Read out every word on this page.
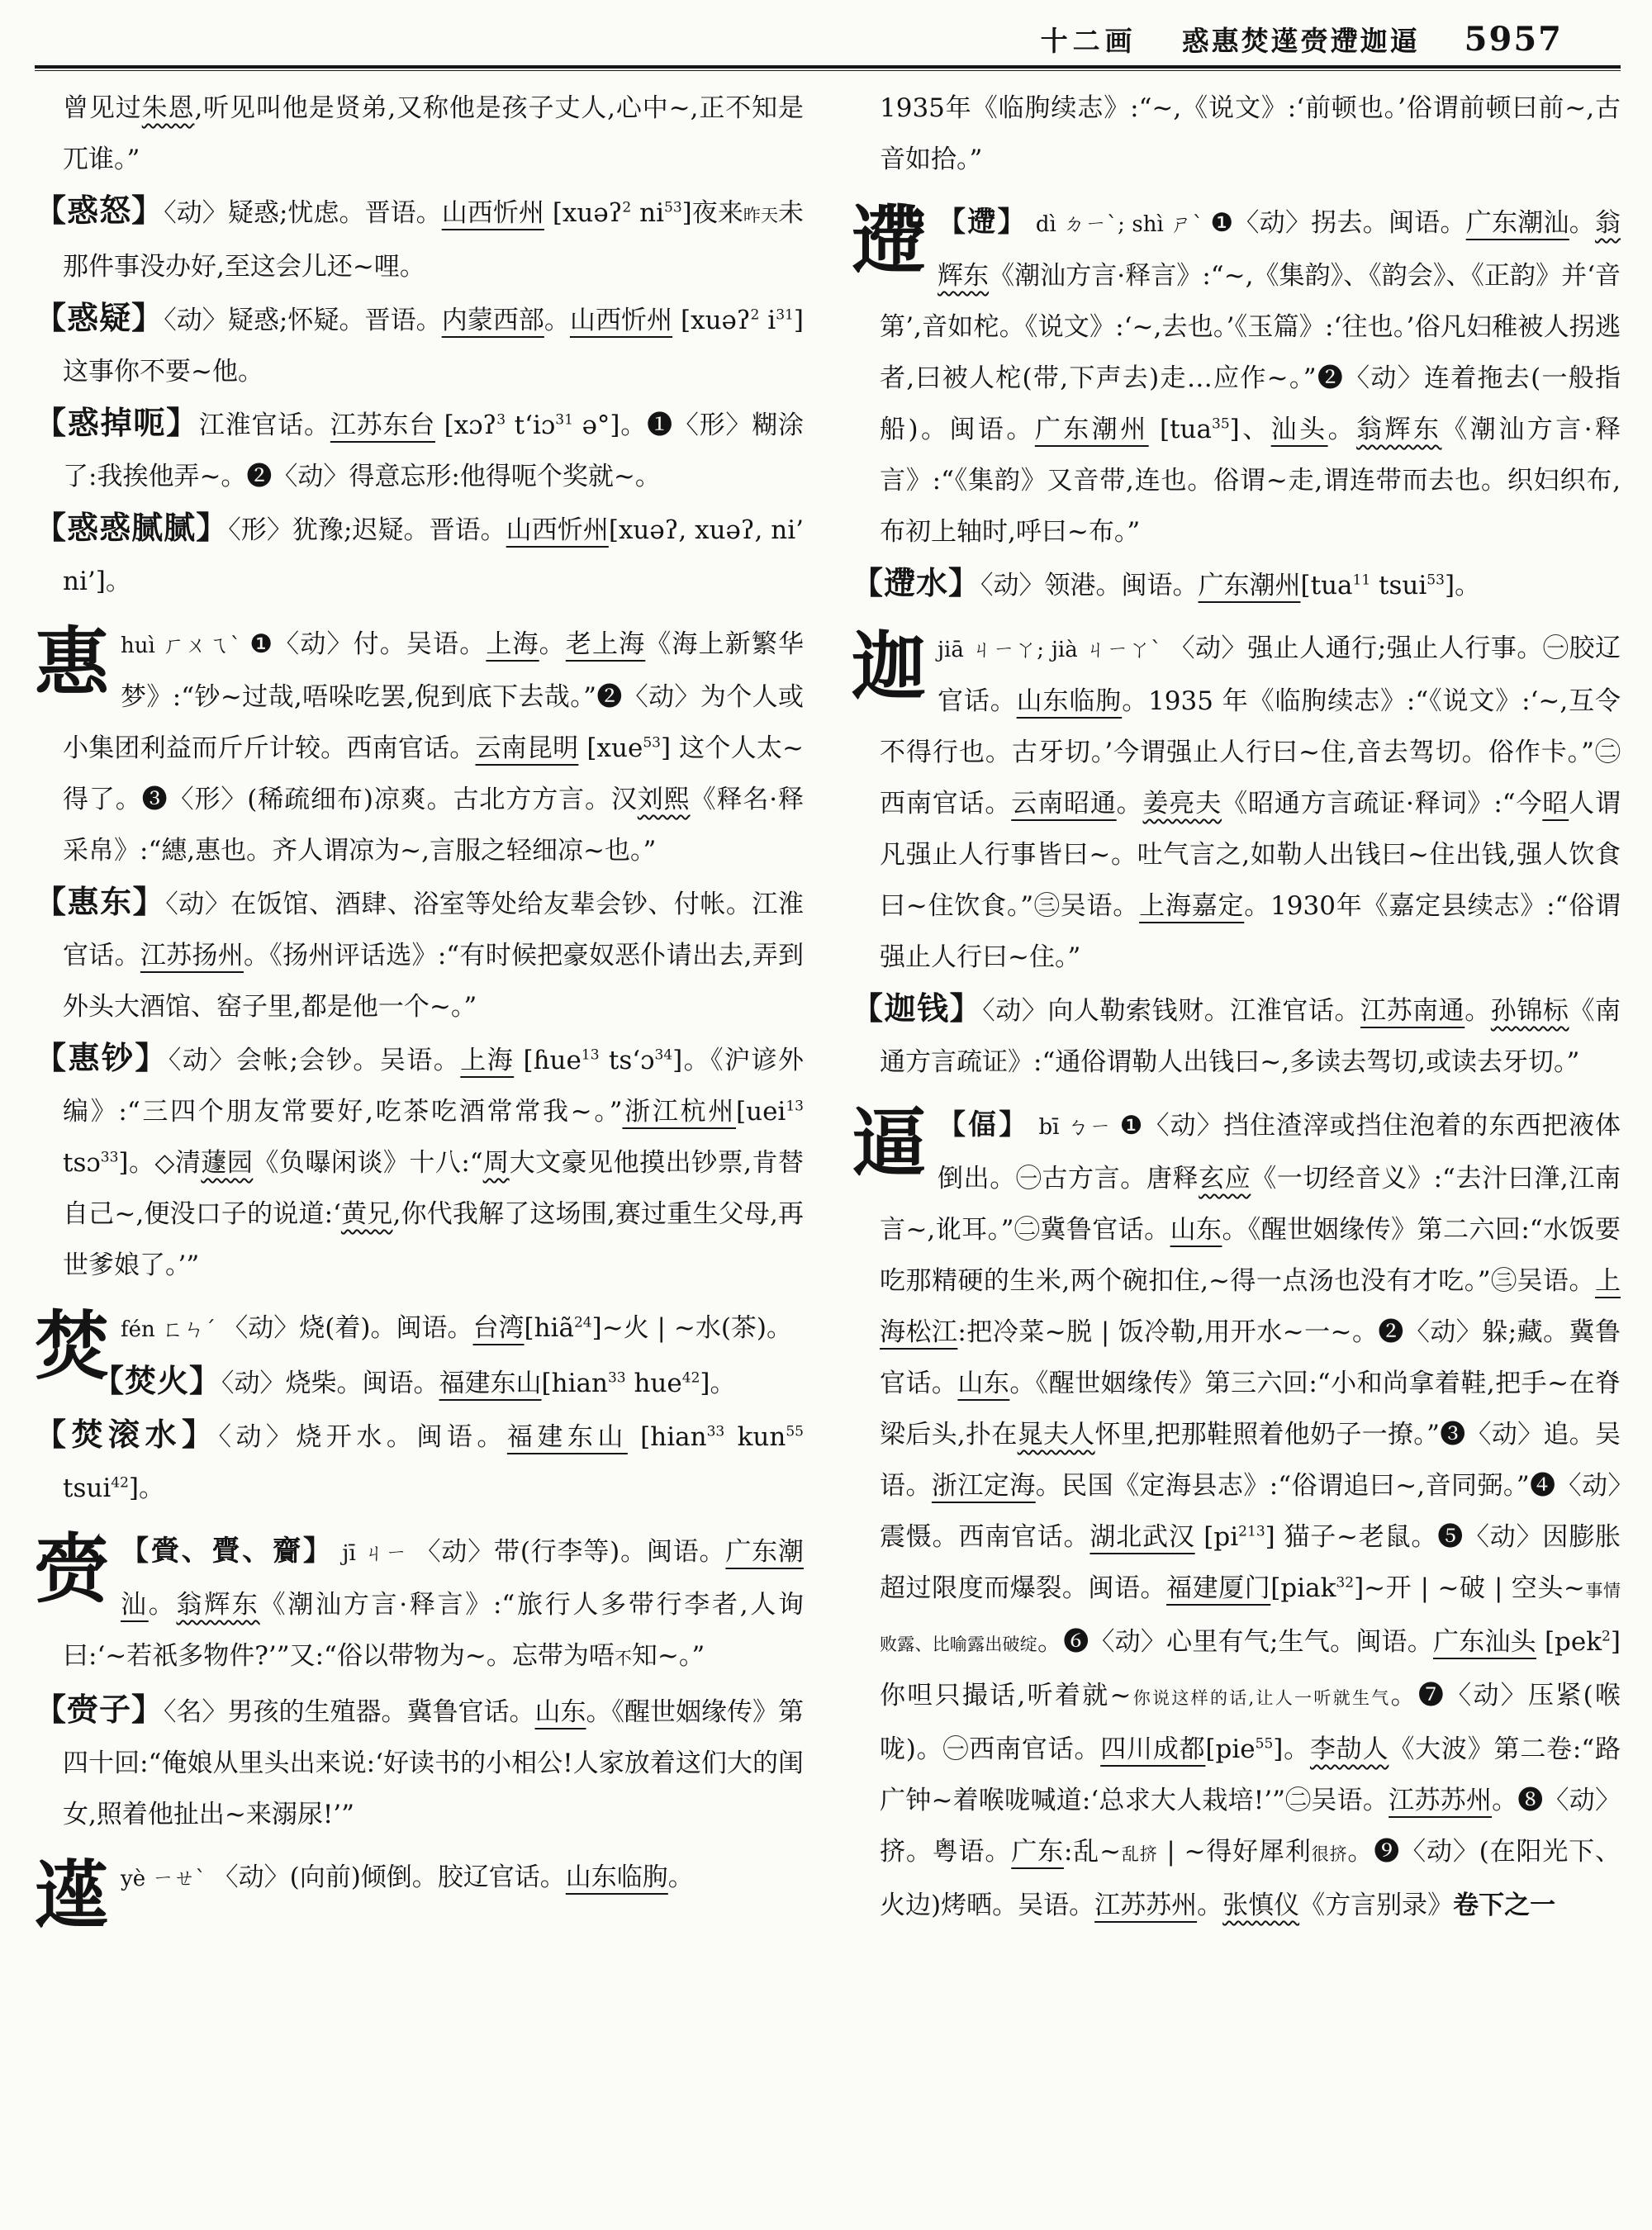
十二画 惑惠焚遳赍遰迦逼 5957
曾见过朱恩,听见叫他是贤弟,又称他是孩子丈人,心中~,正不知是兀谁。”
【惑怒】〈动〉疑惑;忧虑。晋语。山西忻州 [xuəʔ$^2$ $ni^{53}$]夜来昨天未那件事没办好,至这会儿还~哩。
【惑疑】〈动〉疑惑;怀疑。晋语。内蒙西部。山西忻州 [xuəʔ$^2$ $i^{31}$]这事你不要~他。
【惑掉呃】江淮官话。江苏东台 [xɔʔ$^3$ t‘iɔ$^{31}$ ə°]。❶〈形〉糊涂了:我挨他弄~。❷〈动〉得意忘形:他得呃个奖就~。
【惑惑腻腻】〈形〉犹豫;迟疑。晋语。山西忻州[xuəʔ, xuəʔ, ni’ ni’]。
惠huì ㄏㄨㄟˋ ❶〈动〉付。吴语。上海。老上海《海上新繁华梦》:“钞~过哉,唔哚吃罢,倪到底下去哉。”❷〈动〉为个人或小集团利益而斤斤计较。西南官话。云南昆明 [xue$^{53}$] 这个人太~得了。❸〈形〉(稀疏细布)凉爽。古北方方言。汉刘熙《释名·释采帛》:“繐,惠也。齐人谓凉为~,言服之轻细凉~也。”
【惠东】〈动〉在饭馆、酒肆、浴室等处给友辈会钞、付帐。江淮官话。江苏扬州。《扬州评话选》:“有时候把豪奴恶仆请出去,弄到外头大酒馆、窑子里,都是他一个~。”
【惠钞】〈动〉会帐;会钞。吴语。上海 [ɦue$^{13}$ ts‘ɔ$^{34}$]。《沪谚外编》:“三四个朋友常要好,吃茶吃酒常常我~。”浙江杭州[uei$^{13}$ tsɔ$^{33}$]。◇清蘧园《负曝闲谈》十八:“周大文豪见他摸出钞票,肯替自己~,便没口子的说道:‘黄兄,你代我解了这场围,赛过重生父母,再世爹娘了。’”
焚fén ㄈㄣˊ 〈动〉烧(着)。闽语。台湾[hiã$^{24}$]~火 | ~水(茶)。
【焚火】〈动〉烧柴。闽语。福建东山[hian$^{33}$ hue$^{42}$]。
【焚滚水】〈动〉烧开水。闽语。福建东山 [hian$^{33}$ kun$^{55}$ tsui$^{42}$]。
赍 【賫、賷、齎】 jī ㄐㄧ 〈动〉带(行李等)。闽语。广东潮汕。翁辉东《潮汕方言·释言》:“旅行人多带行李者,人询曰:‘~若祇多物件?’”又:“俗以带物为~。忘带为唔不知~。”
【赍子】〈名〉男孩的生殖器。冀鲁官话。山东。《醒世姻缘传》第四十回:“俺娘从里头出来说:‘好读书的小相公!人家放着这们大的闺女,照着他扯出~来溺尿!’”
遳yè ㄧㄝˋ 〈动〉(向前)倾倒。胶辽官话。山东临朐。
1935年《临朐续志》:“~,《说文》:‘前顿也。’俗谓前顿曰前~,古音如拾。”
遰 【遰】 dì ㄉㄧˋ; shì ㄕˋ ❶〈动〉拐去。闽语。广东潮汕。翁辉东《潮汕方言·释言》:“~,《集韵》、《韵会》、《正韵》并‘音第’,音如柁。《说文》:‘~,去也。’《玉篇》:‘往也。’俗凡妇稚被人拐逃者,曰被人柁(带,下声去)走…应作~。”❷〈动〉连着拖去(一般指船)。闽语。广东潮州 [tua$^{35}$]、汕头。翁辉东《潮汕方言·释言》:“《集韵》又音带,连也。俗谓~走,谓连带而去也。织妇织布,布初上轴时,呼曰~布。”
【遰水】〈动〉领港。闽语。广东潮州[tua$^{11}$ tsui$^{53}$]。
迦jiā ㄐㄧㄚ; jià ㄐㄧㄚˋ 〈动〉强止人通行;强止人行事。㊀胶辽官话。山东临朐。1935 年《临朐续志》:“《说文》:‘~,互令不得行也。古牙切。’今谓强止人行曰~住,音去驾切。俗作卡。”㊁西南官话。云南昭通。姜亮夫《昭通方言疏证·释词》:“今昭人谓凡强止人行事皆曰~。吐气言之,如勒人出钱曰~住出钱,强人饮食曰~住饮食。”㊂吴语。上海嘉定。1930年《嘉定县续志》:“俗谓强止人行曰~住。”
【迦钱】〈动〉向人勒索钱财。江淮官话。江苏南通。孙锦标《南通方言疏证》:“通俗谓勒人出钱曰~,多读去驾切,或读去牙切。”
逼 【偪】 bī ㄅㄧ ❶〈动〉挡住渣滓或挡住泡着的东西把液体倒出。㊀古方言。唐释玄应《一切经音义》:“去汁曰潷,江南言~,讹耳。”㊁冀鲁官话。山东。《醒世姻缘传》第二六回:“水饭要吃那精硬的生米,两个碗扣住,~得一点汤也没有才吃。”㊂吴语。上海松江:把冷菜~脱 | 饭冷勒,用开水~一~。❷〈动〉躲;藏。冀鲁官话。山东。《醒世姻缘传》第三六回:“小和尚拿着鞋,把手~在脊梁后头,扑在晁夫人怀里,把那鞋照着他奶子一撩。”❸〈动〉追。吴语。浙江定海。民国《定海县志》:“俗谓追曰~,音同弼。”❹〈动〉震慑。西南官话。湖北武汉 $[pi^{213}]$ 猫子~老鼠。❺〈动〉因膨胀超过限度而爆裂。闽语。福建厦门[piak$^{32}$]~开 | ~破 | 空头~事情败露、比喻露出破绽。❻〈动〉心里有气;生气。闽语。广东汕头 [pek$^2$]你呾只撮话,听着就~你说这样的话,让人一听就生气。❼〈动〉压紧(喉咙)。㊀西南官话。四川成都[pie$^{55}$]。李劼人《大波》第二卷:“路广钟~着喉咙喊道:‘总求大人栽培!’”㊁吴语。江苏苏州。❽〈动〉挤。粤语。广东:乱~乱挤 | ~得好犀利很挤。❾〈动〉(在阳光下、火边)烤晒。吴语。江苏苏州。张慎仪《方言别录》卷下之一
